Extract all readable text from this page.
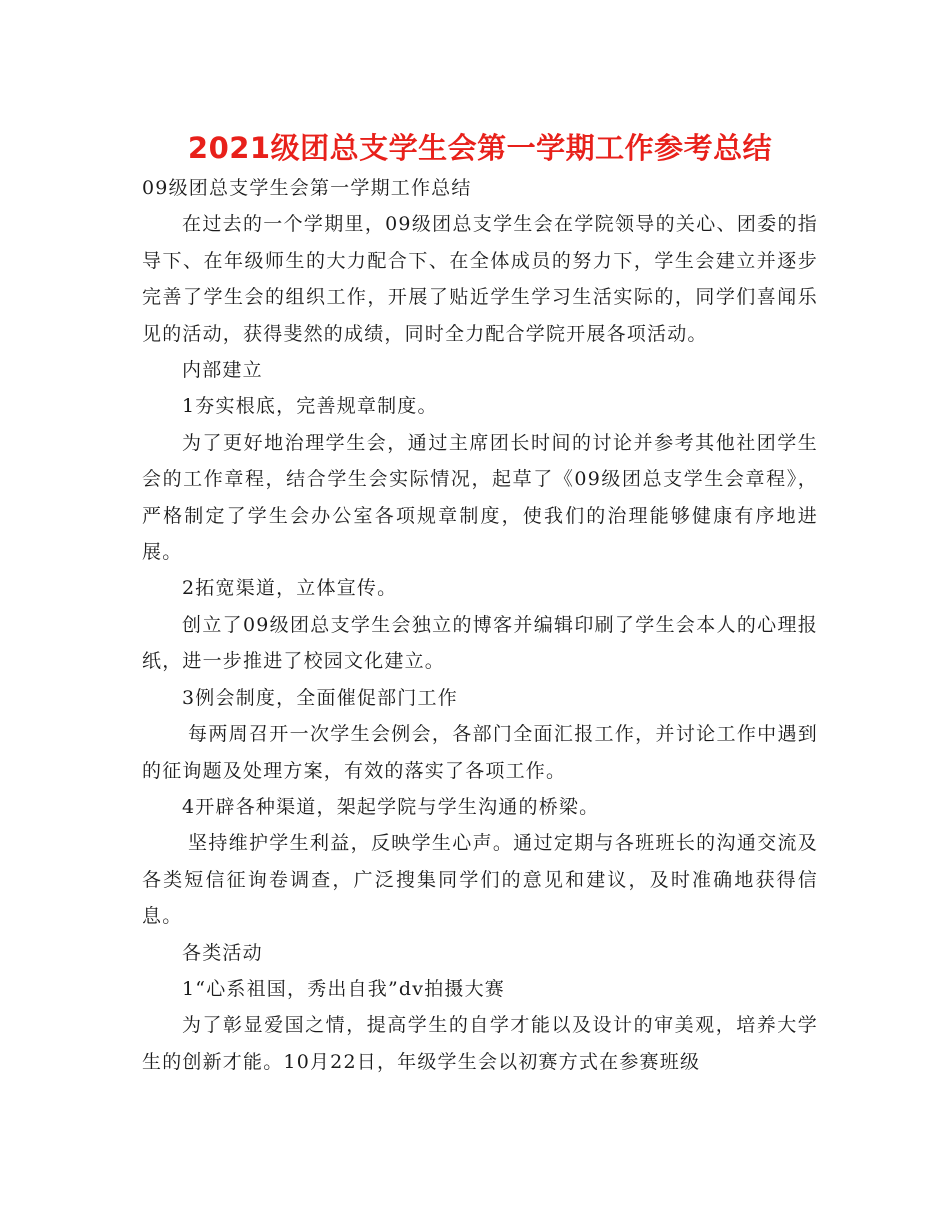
2021级团总支学生会第一学期工作参考总结

09级团总支学生会第一学期工作总结

在过去的一个学期里，09级团总支学生会在学院领导的关心、团委的指导下、在年级师生的大力配合下、在全体成员的努力下，学生会建立并逐步完善了学生会的组织工作，开展了贴近学生学习生活实际的，同学们喜闻乐见的活动，获得斐然的成绩，同时全力配合学院开展各项活动。

内部建立

1夯实根底，完善规章制度。

为了更好地治理学生会，通过主席团长时间的讨论并参考其他社团学生会的工作章程，结合学生会实际情况，起草了《09级团总支学生会章程》，严格制定了学生会办公室各项规章制度，使我们的治理能够健康有序地进展。

2拓宽渠道，立体宣传。

创立了09级团总支学生会独立的博客并编辑印刷了学生会本人的心理报纸，进一步推进了校园文化建立。

3例会制度，全面催促部门工作

每两周召开一次学生会例会，各部门全面汇报工作，并讨论工作中遇到的征询题及处理方案，有效的落实了各项工作。

4开辟各种渠道，架起学院与学生沟通的桥梁。

坚持维护学生利益，反映学生心声。通过定期与各班班长的沟通交流及各类短信征询卷调查，广泛搜集同学们的意见和建议，及时准确地获得信息。

各类活动

1“心系祖国，秀出自我”dv拍摄大赛

为了彰显爱国之情，提高学生的自学才能以及设计的审美观，培养大学生的创新才能。10月22日，年级学生会以初赛方式在参赛班级
